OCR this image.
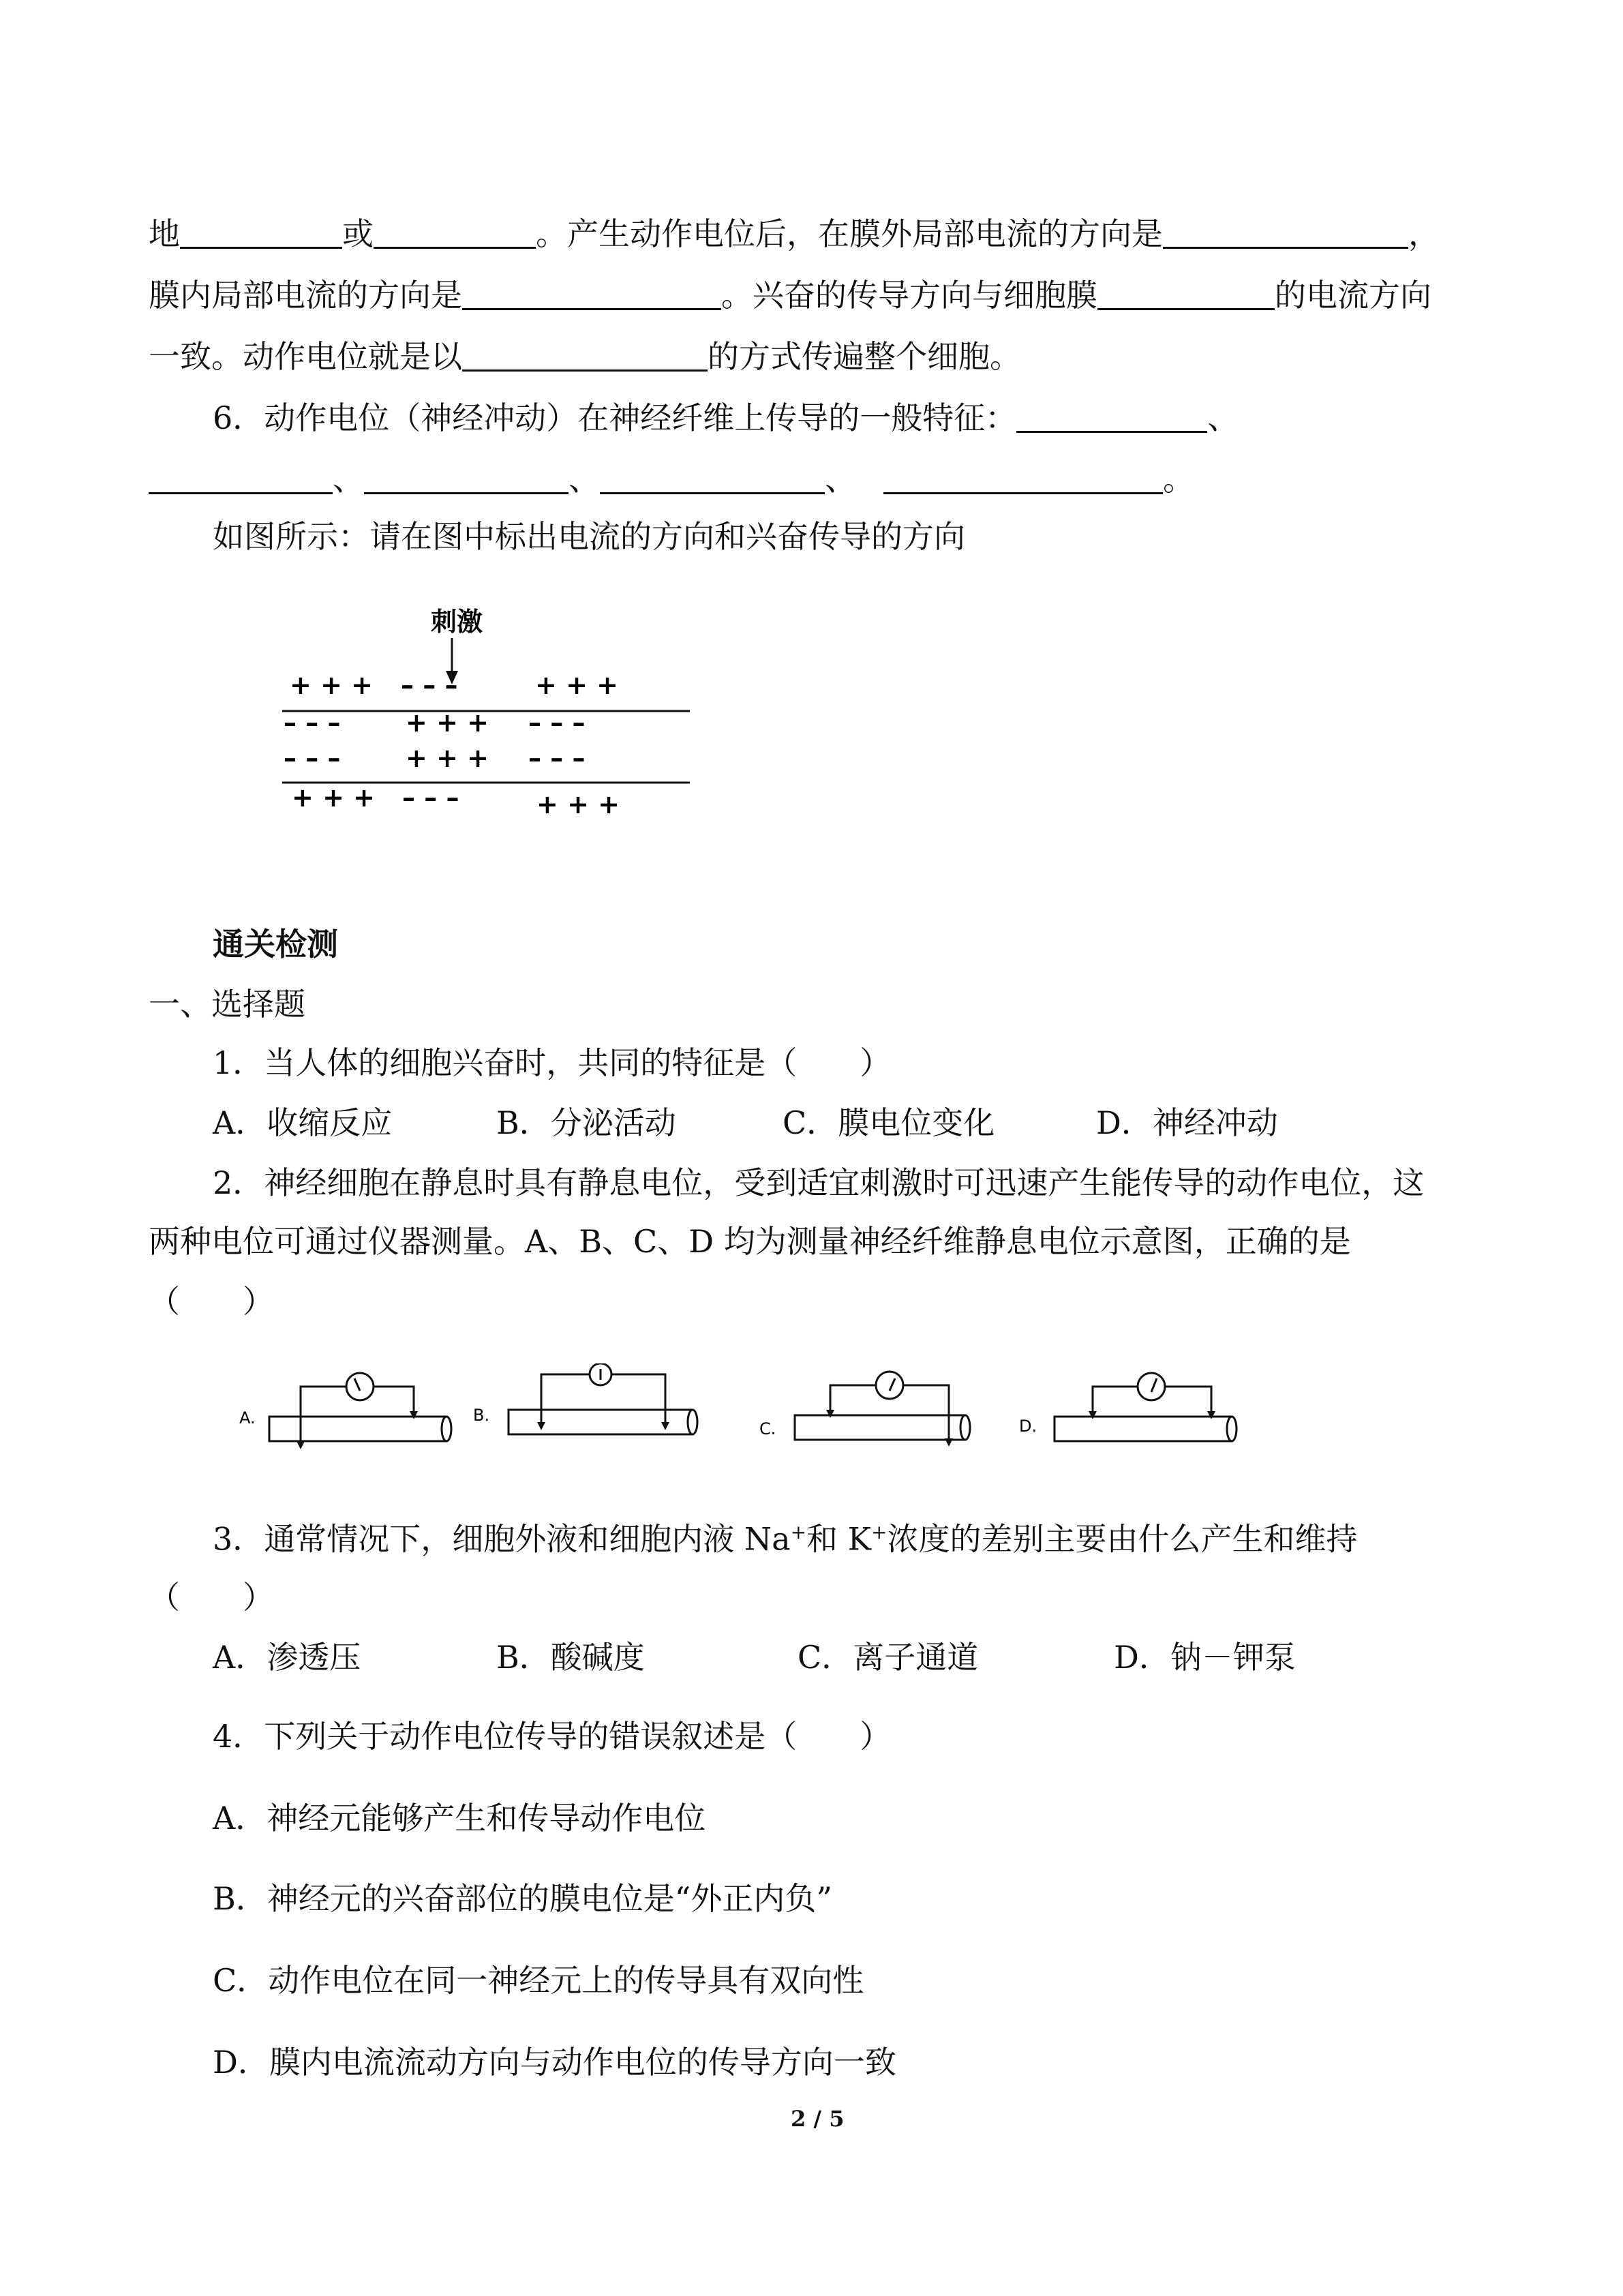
地	或	。产生动作电位后，在膜外局部电流的方向是	，
膜内局部电流的方向是	。兴奋的传导方向与细胞膜	的电流方向
一致。动作电位就是以	的方式传遍整个细胞。
6．动作电位（神经冲动）在神经纤维上传导的一般特征：	、
、	、	、	。
如图所示：请在图中标出电流的方向和兴奋传导的方向
刺激
+ + + – – –	+ + +
– – –	+ + + – – –
– – –	+ + + – – –
+ + + – – –	+ + +
通关检测
一、选择题
1．当人体的细胞兴奋时，共同的特征是（　　）
A．收缩反应	B．分泌活动	C．膜电位变化	D．神经冲动
2．神经细胞在静息时具有静息电位，受到适宜刺激时可迅速产生能传导的动作电位，这
两种电位可通过仪器测量。A、B、C、D 均为测量神经纤维静息电位示意图，正确的是
（　　）
A.	B.
C.	D.
3．通常情况下，细胞外液和细胞内液 Na+和 K+浓度的差别主要由什么产生和维持
（　　）
A．渗透压	B．酸碱度	C．离子通道	D．钠－钾泵
4．下列关于动作电位传导的错误叙述是（　　）
A．神经元能够产生和传导动作电位
B．神经元的兴奋部位的膜电位是“外正内负”
C．动作电位在同一神经元上的传导具有双向性
D．膜内电流流动方向与动作电位的传导方向一致
2 / 5
